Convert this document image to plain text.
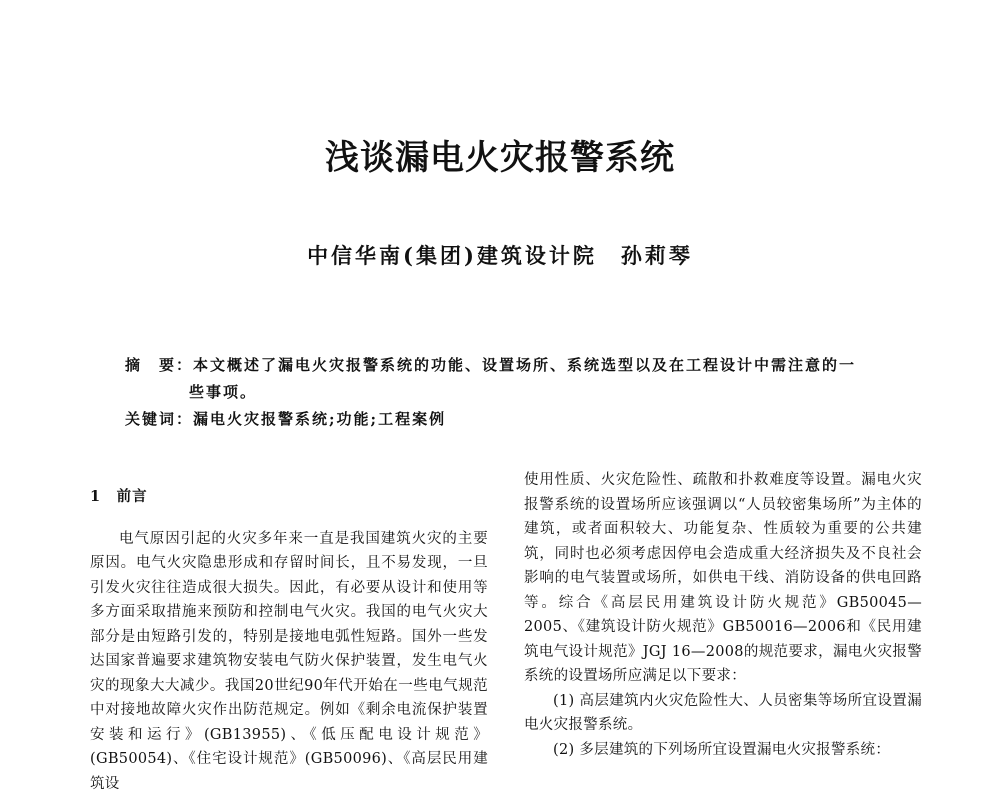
浅谈漏电火灾报警系统
中信华南(集团)建筑设计院　孙莉琴
摘　要：本文概述了漏电火灾报警系统的功能、设置场所、系统选型以及在工程设计中需注意的一
些事项。
关键词：漏电火灾报警系统;功能;工程案例
1　前言

电气原因引起的火灾多年来一直是我国建筑火灾的主要原因。电气火灾隐患形成和存留时间长，且不易发现，一旦引发火灾往往造成很大损失。因此，有必要从设计和使用等多方面采取措施来预防和控制电气火灾。我国的电气火灾大部分是由短路引发的，特别是接地电弧性短路。国外一些发达国家普遍要求建筑物安装电气防火保护装置，发生电气火灾的现象大大减少。我国20世纪90年代开始在一些电气规范中对接地故障火灾作出防范规定。例如《剩余电流保护装置安装和运行》(GB13955)、《低压配电设计规范》(GB50054)、《住宅设计规范》(GB50096)、《高层民用建筑设

使用性质、火灾危险性、疏散和扑救难度等设置。漏电火灾报警系统的设置场所应该强调以“人员较密集场所”为主体的建筑，或者面积较大、功能复杂、性质较为重要的公共建筑，同时也必须考虑因停电会造成重大经济损失及不良社会影响的电气装置或场所，如供电干线、消防设备的供电回路等。综合《高层民用建筑设计防火规范》GB50045—2005、《建筑设计防火规范》GB50016—2006和《民用建筑电气设计规范》JGJ 16—2008的规范要求，漏电火灾报警系统的设置场所应满足以下要求：

(1) 高层建筑内火灾危险性大、人员密集等场所宜设置漏电火灾报警系统。

(2) 多层建筑的下列场所宜设置漏电火灾报警系统：
